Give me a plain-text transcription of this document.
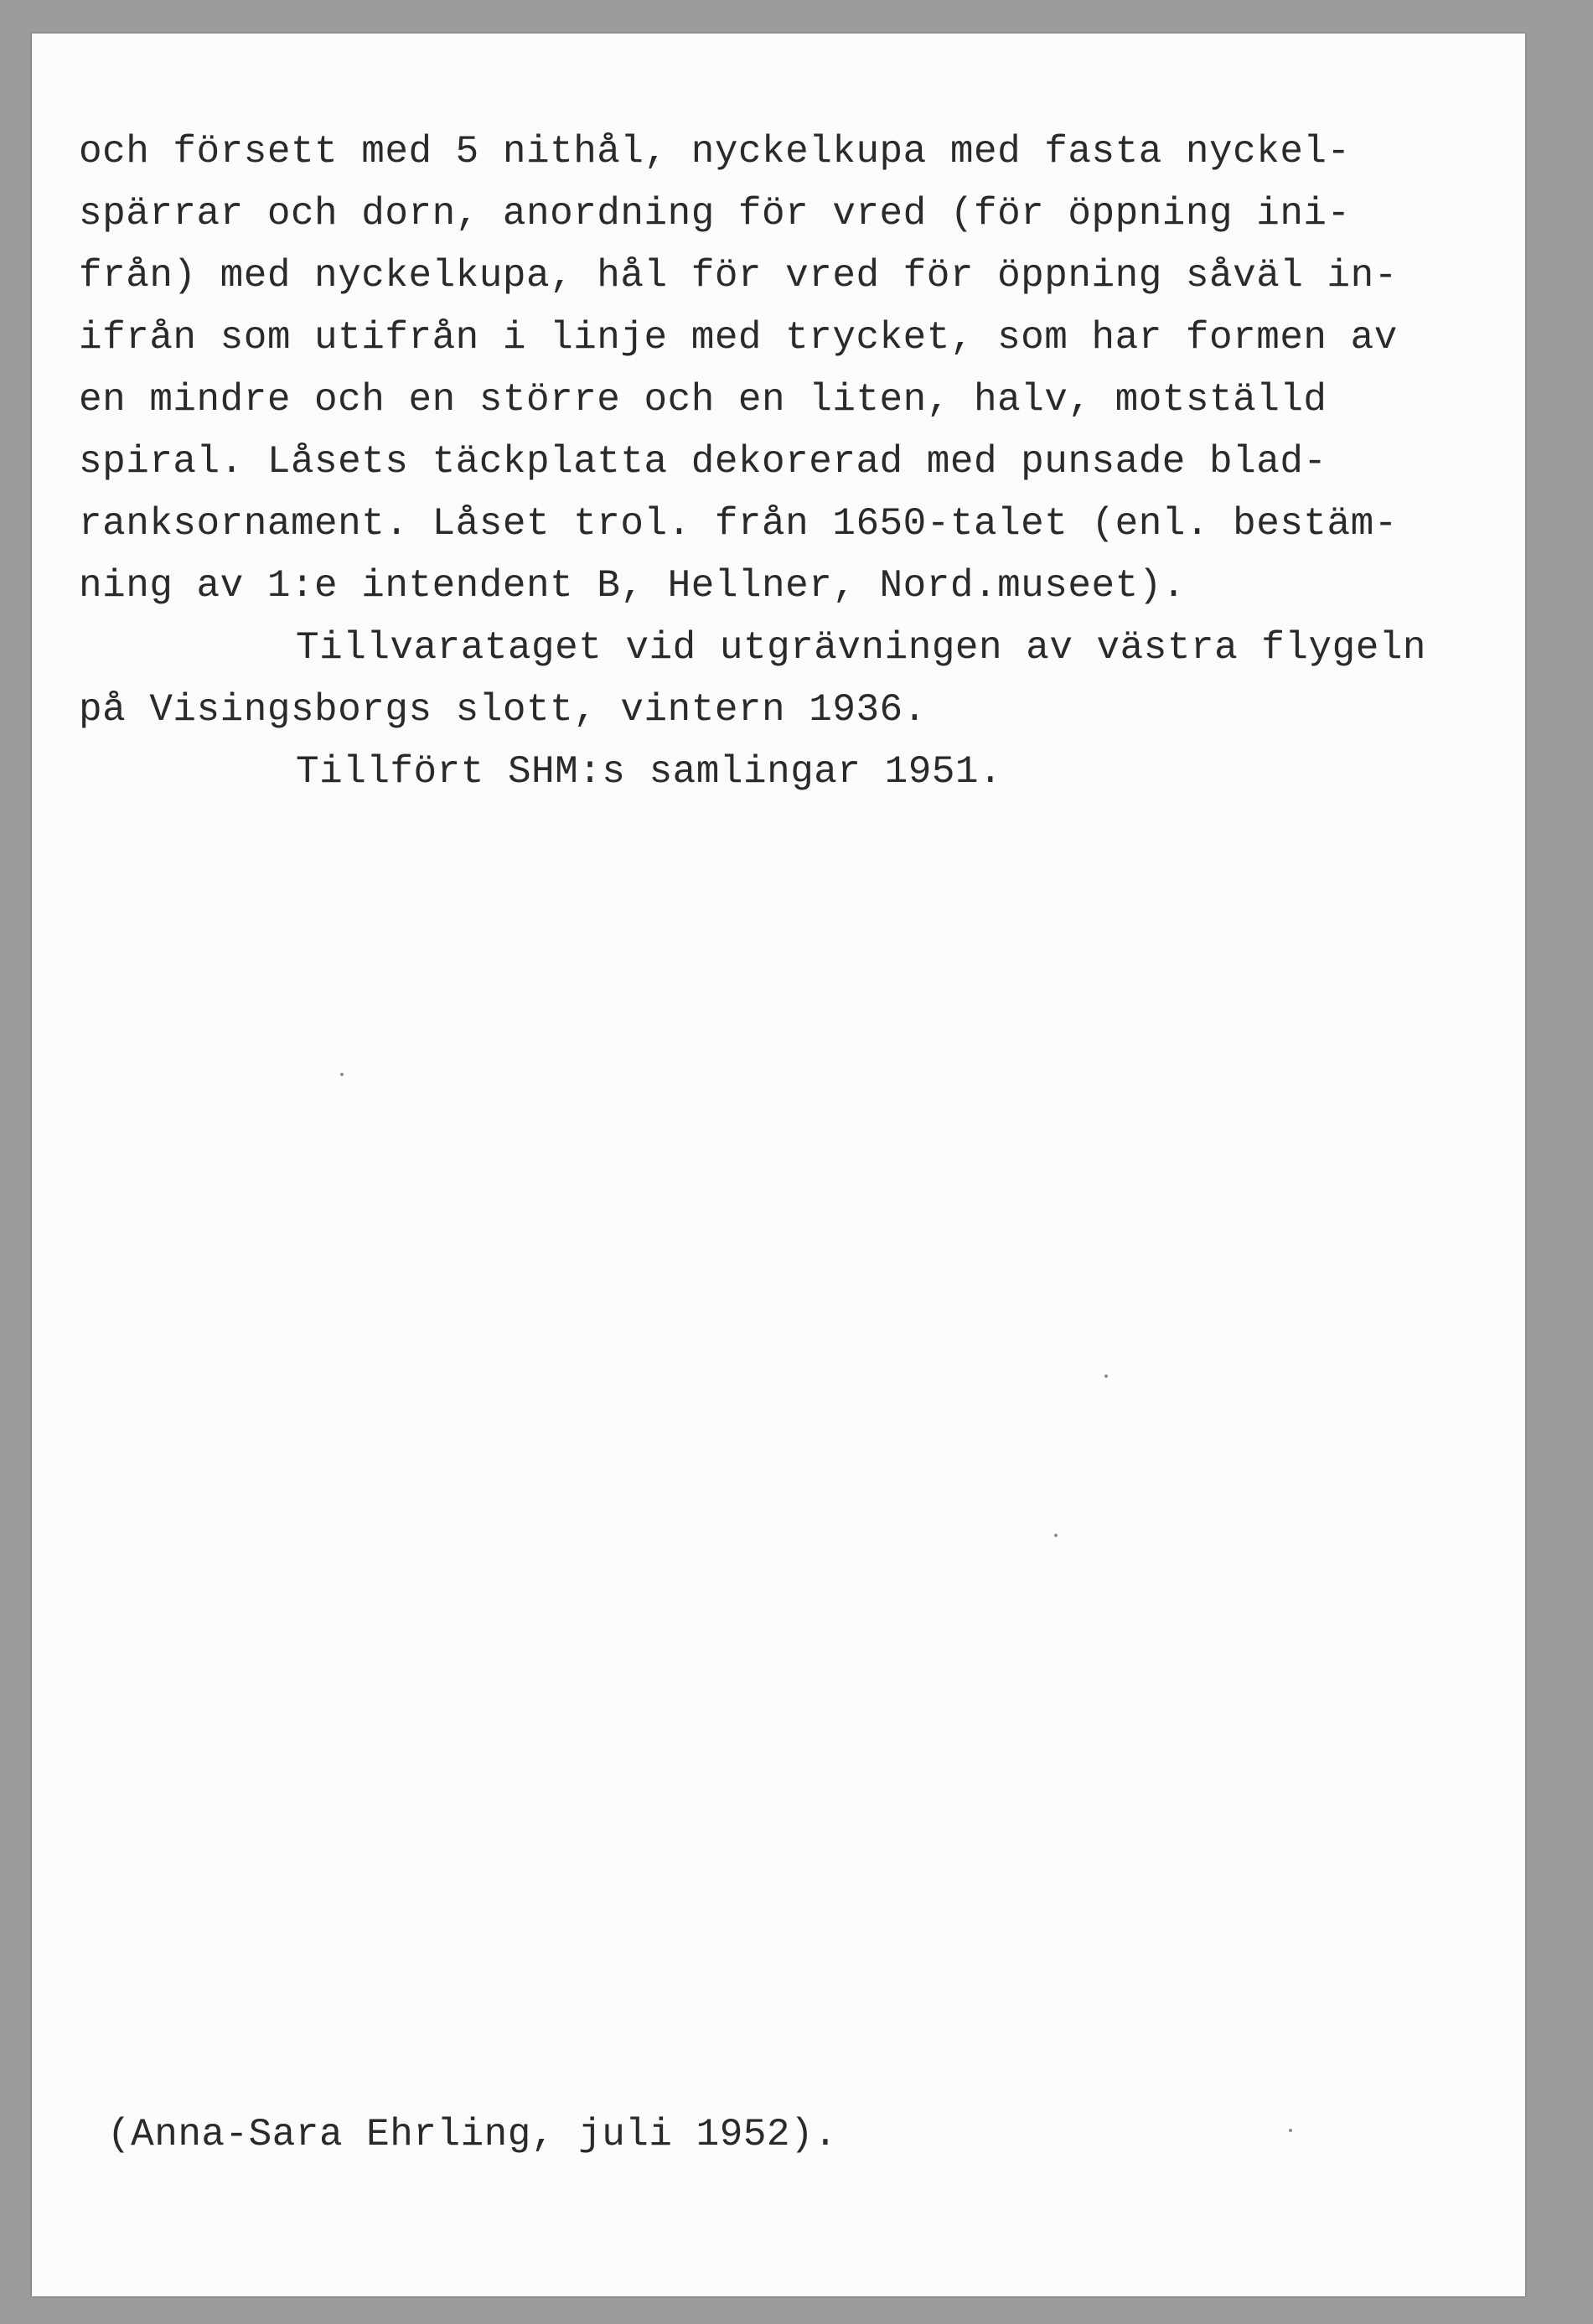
och försett med 5 nithål, nyckelkupa med fasta nyckel-
spärrar och dorn, anordning för vred (för öppning ini-
från) med nyckelkupa, hål för vred för öppning såväl in-
ifrån som utifrån i linje med trycket, som har formen av
en mindre och en större och en liten, halv, motställd
spiral. Låsets täckplatta dekorerad med punsade blad-
ranksornament. Låset trol. från 1650-talet (enl. bestäm-
ning av 1:e intendent B, Hellner, Nord.museet).
Tillvarataget vid utgrävningen av västra flygeln
på Visingsborgs slott, vintern 1936.
Tillfört SHM:s samlingar 1951.
(Anna-Sara Ehrling, juli 1952).
